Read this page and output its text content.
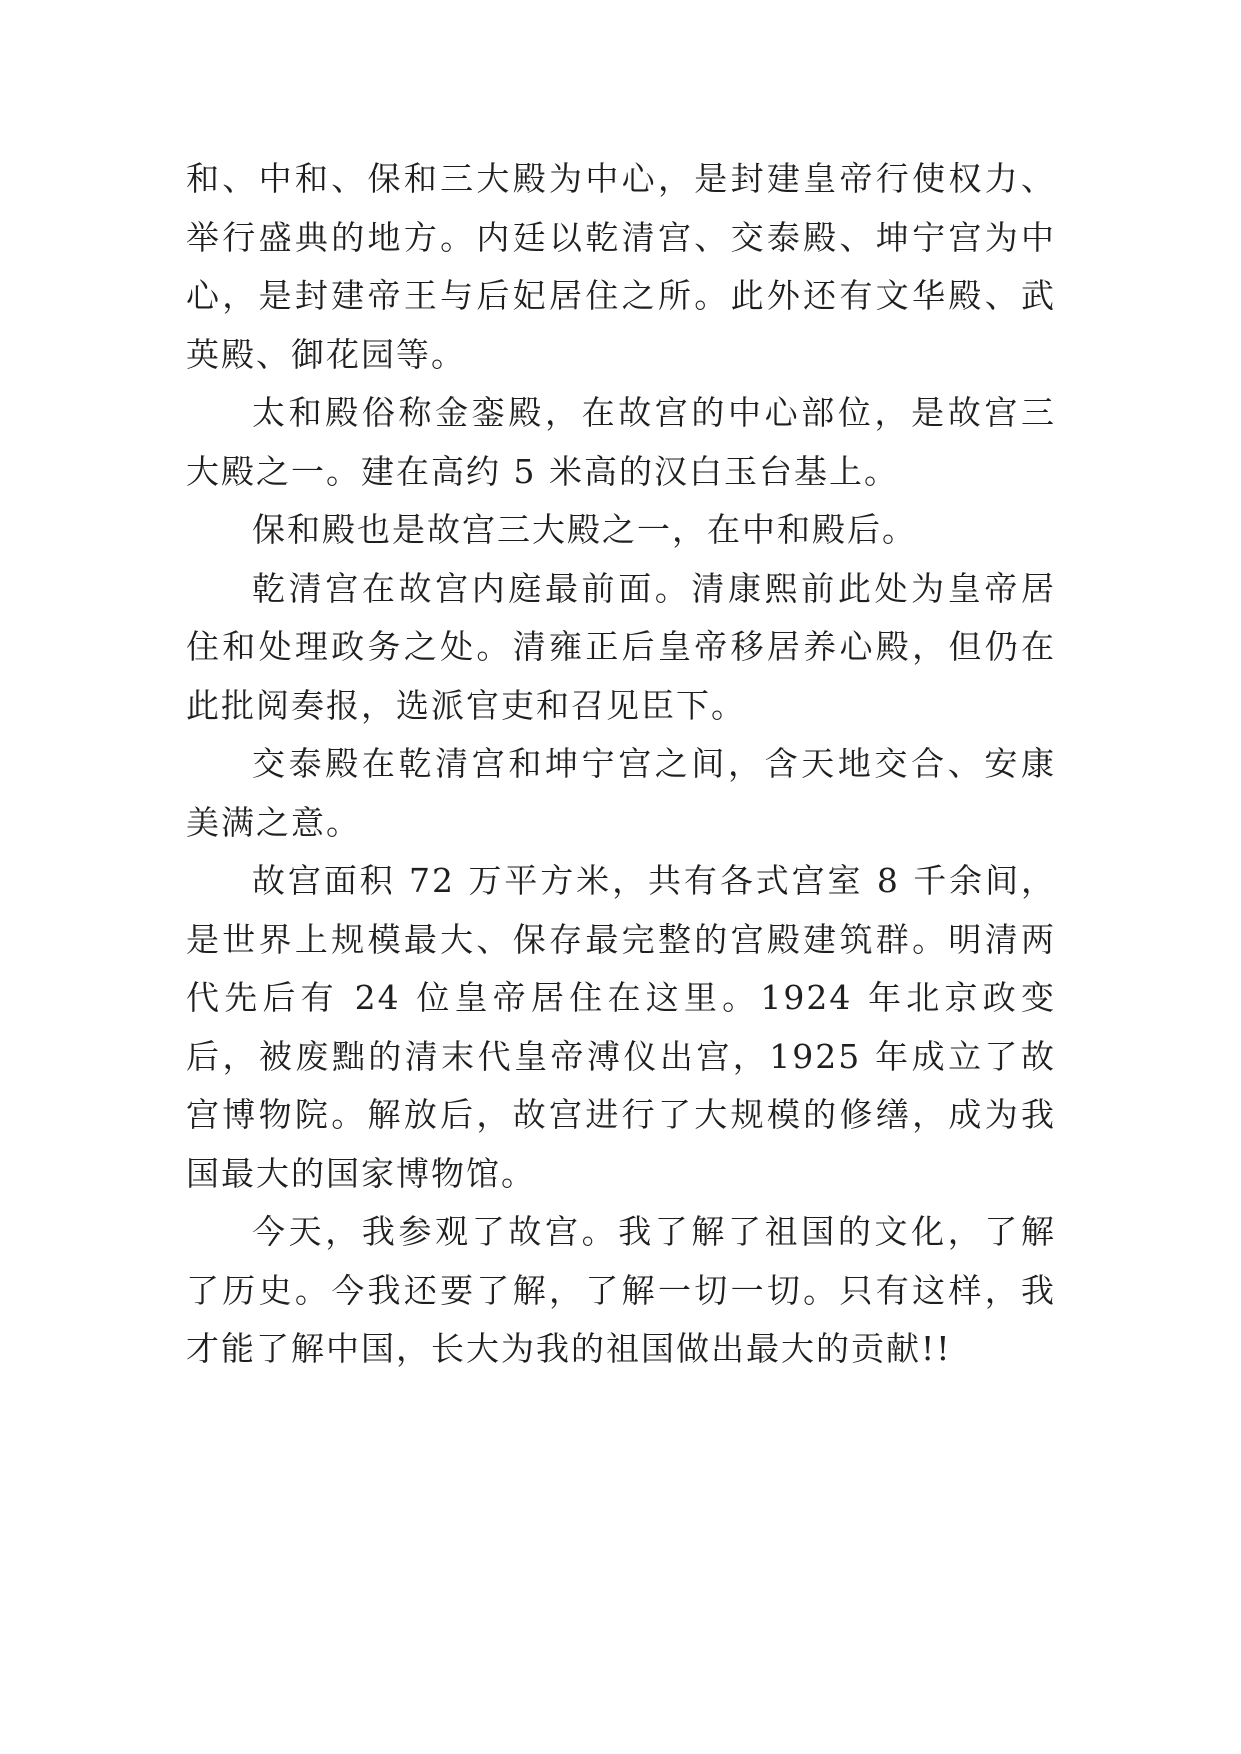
和、中和、保和三大殿为中心，是封建皇帝行使权力、举行盛典的地方。内廷以乾清宫、交泰殿、坤宁宫为中心，是封建帝王与后妃居住之所。此外还有文华殿、武英殿、御花园等。

太和殿俗称金銮殿，在故宫的中心部位，是故宫三大殿之一。建在高约 5 米高的汉白玉台基上。

保和殿也是故宫三大殿之一，在中和殿后。

乾清宫在故宫内庭最前面。清康熙前此处为皇帝居住和处理政务之处。清雍正后皇帝移居养心殿，但仍在此批阅奏报，选派官吏和召见臣下。

交泰殿在乾清宫和坤宁宫之间，含天地交合、安康美满之意。

故宫面积 72 万平方米，共有各式宫室 8 千余间，是世界上规模最大、保存最完整的宫殿建筑群。明清两代先后有 24 位皇帝居住在这里。1924 年北京政变后，被废黜的清末代皇帝溥仪出宫，1925 年成立了故宫博物院。解放后，故宫进行了大规模的修缮，成为我国最大的国家博物馆。

今天，我参观了故宫。我了解了祖国的文化，了解了历史。今我还要了解，了解一切一切。只有这样，我才能了解中国，长大为我的祖国做出最大的贡献!!
